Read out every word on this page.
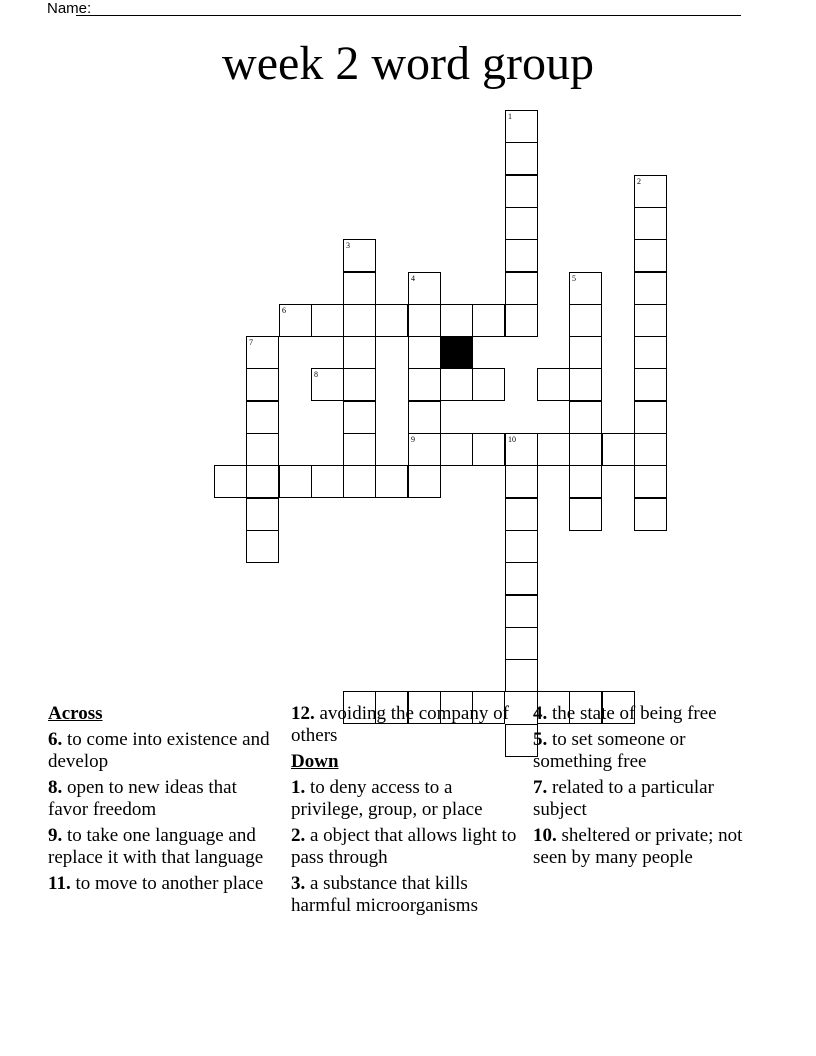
Name:
week 2 word group
1
2
3
4
9
5
6
7
8
10
Across
6. to come into existence and develop
8. open to new ideas that favor freedom
9. to take one language and replace it with that language
11. to move to another place
12. avoiding the company of others
Down
1. to deny access to a privilege, group, or place
2. a object that allows light to pass through
3. a substance that kills harmful microorganisms
4. the state of being free
5. to set someone or something free
7. related to a particular subject
10. sheltered or private; not seen by many people
